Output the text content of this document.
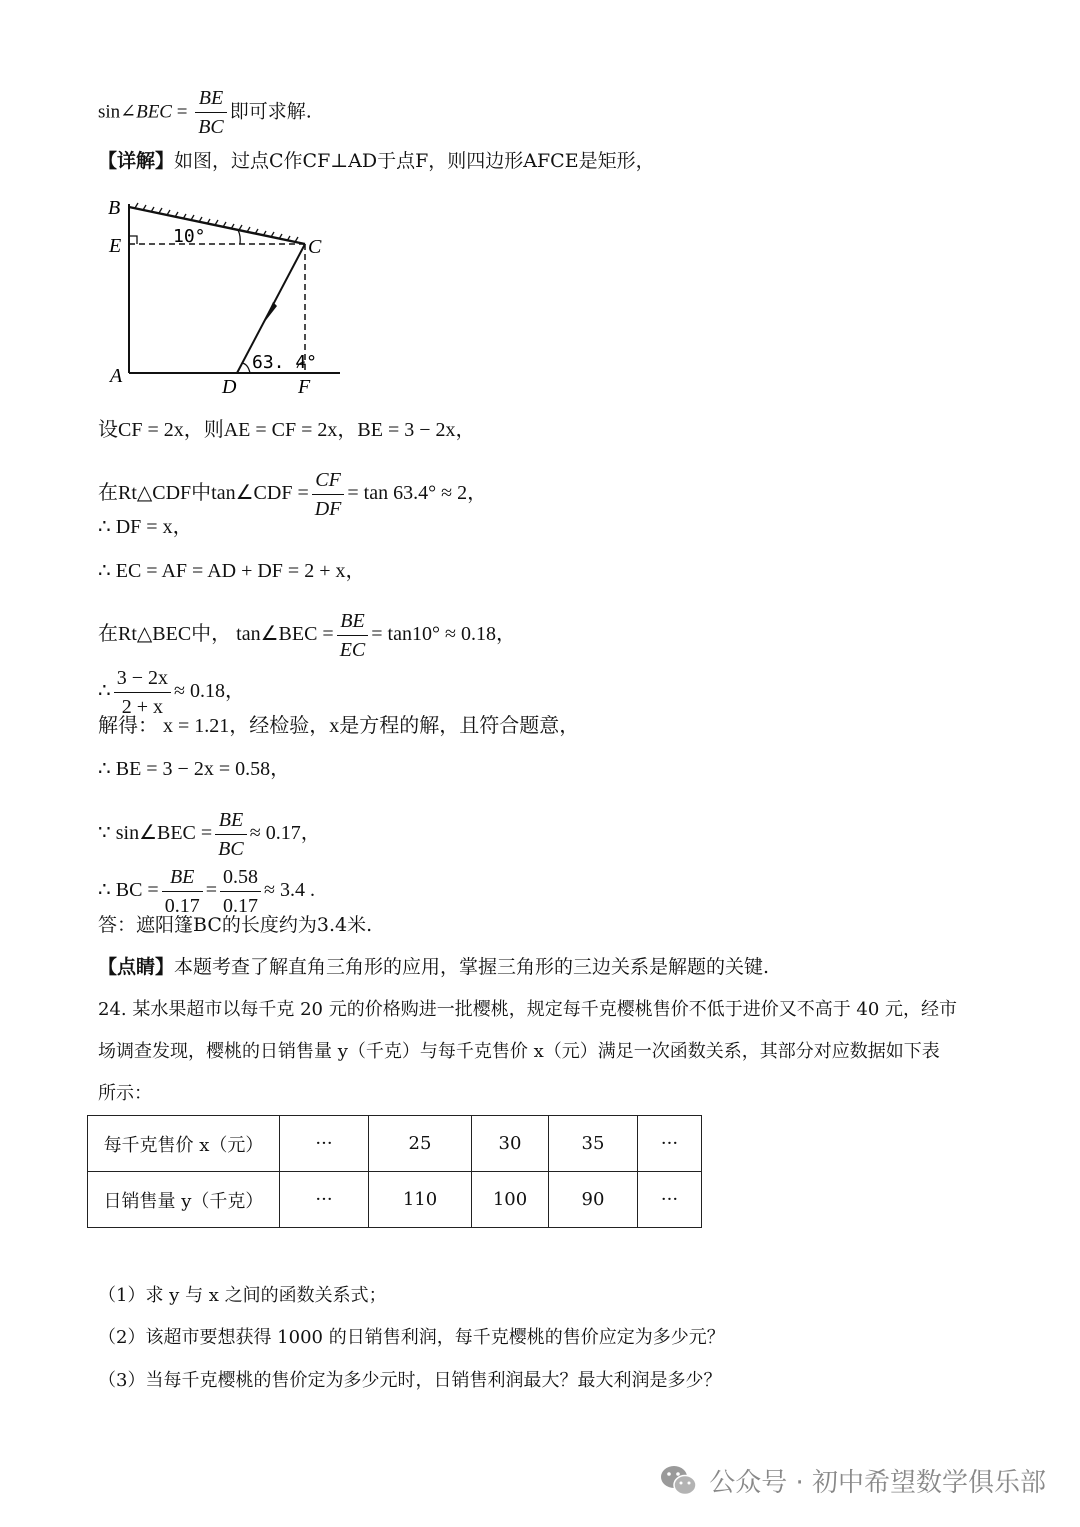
sin∠BEC = $\frac{BE}{BC}$ 即可求解.
【详解】如图，过点C作CF⊥AD于点F，则四边形AFCE是矩形，
B
E	C
A	D	F
10°
63. 4°
设CF = 2x，则AE = CF = 2x，BE = 3 − 2x，
在Rt△CDF中tan∠CDF = $\frac{CF}{DF} = \tan 63.4^\circ \approx 2$，
∴ DF = x，
∴ EC = AF = AD + DF = 2 + x，
在Rt△BEC中， tan∠BEC = $\frac{BE}{EC} = \tan 10^\circ \approx 0.18$，
∴ $\frac{3 - 2x}{2 + x} \approx 0.18$，
解得： x = 1.21，经检验，x是方程的解，且符合题意，
∴ BE = 3 − 2x = 0.58，
∵ sin∠BEC = $\frac{BE}{BC} \approx 0.17$，
∴ BC = $\frac{BE}{0.17} = \frac{0.58}{0.17} \approx 3.4$ .
答：遮阳篷BC的长度约为3.4米.
【点睛】本题考查了解直角三角形的应用，掌握三角形的三边关系是解题的关键.
24. 某水果超市以每千克 20 元的价格购进一批樱桃，规定每千克樱桃售价不低于进价又不高于 40 元，经市
场调查发现，樱桃的日销售量 y（千克）与每千克售价 x（元）满足一次函数关系，其部分对应数据如下表
所示：
每千克售价 x（元）	···	25	30	35	···
日销售量 y（千克）	···	110	100	90	···
（1）求 y 与 x 之间的函数关系式；
（2）该超市要想获得 1000 的日销售利润，每千克樱桃的售价应定为多少元？
（3）当每千克樱桃的售价定为多少元时，日销售利润最大？最大利润是多少？
公众号 · 初中希望数学俱乐部
